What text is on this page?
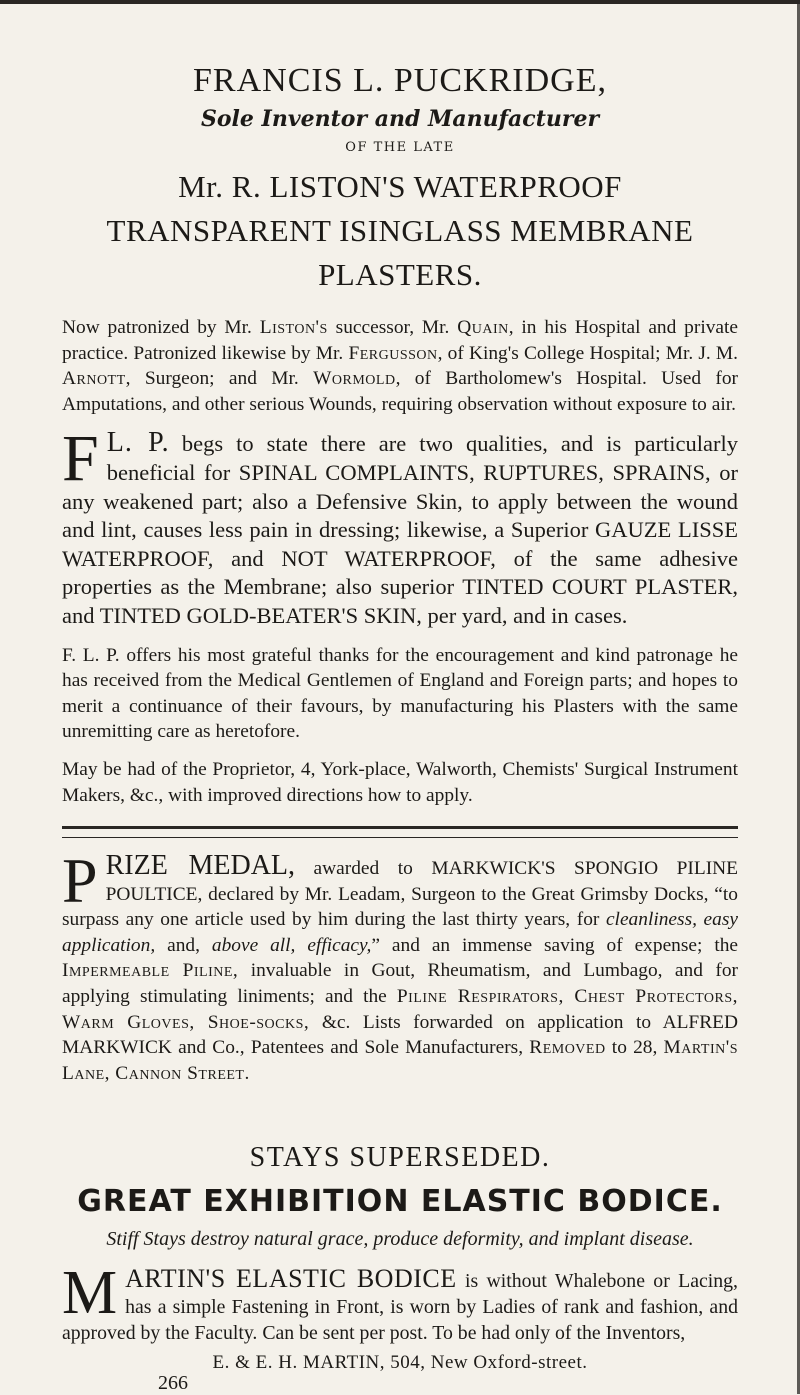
FRANCIS L. PUCKRIDGE,
Sole Inventor and Manufacturer
OF THE LATE
Mr. R. LISTON'S WATERPROOF TRANSPARENT ISINGLASS MEMBRANE PLASTERS.

Now patronized by Mr. Liston's successor, Mr. Quain, in his Hospital and private practice. Patronized likewise by Mr. Fergusson, of King's College Hospital; Mr. J. M. Arnott, Surgeon; and Mr. Wormold, of Bartholomew's Hospital. Used for Amputations, and other serious Wounds, requiring observation without exposure to air.

F L. P. begs to state there are two qualities, and is particularly beneficial for SPINAL COMPLAINTS, RUPTURES, SPRAINS, or any weakened part; also a Defensive Skin, to apply between the wound and lint, causes less pain in dressing; likewise, a Superior GAUZE LISSE WATERPROOF, and NOT WATERPROOF, of the same adhesive properties as the Membrane; also superior TINTED COURT PLASTER, and TINTED GOLD-BEATER'S SKIN, per yard, and in cases.

F. L. P. offers his most grateful thanks for the encouragement and kind patronage he has received from the Medical Gentlemen of England and Foreign parts; and hopes to merit a continuance of their favours, by manufacturing his Plasters with the same unremitting care as heretofore.

May be had of the Proprietor, 4, York-place, Walworth, Chemists' Surgical Instrument Makers, &c., with improved directions how to apply.

PRIZE MEDAL, awarded to MARKWICK'S SPONGIO PILINE POULTICE, declared by Mr. Leadam, Surgeon to the Great Grimsby Docks, “to surpass any one article used by him during the last thirty years, for cleanliness, easy application, and, above all, efficacy,” and an immense saving of expense; the Impermeable Piline, invaluable in Gout, Rheumatism, and Lumbago, and for applying stimulating liniments; and the Piline Respirators, Chest Protectors, Warm Gloves, Shoe-socks, &c. Lists forwarded on application to ALFRED MARKWICK and Co., Patentees and Sole Manufacturers, Removed to 28, Martin's Lane, Cannon Street.

STAYS SUPERSEDED.
GREAT EXHIBITION ELASTIC BODICE.
Stiff Stays destroy natural grace, produce deformity, and implant disease.

MARTIN'S ELASTIC BODICE is without Whalebone or Lacing, has a simple Fastening in Front, is worn by Ladies of rank and fashion, and approved by the Faculty. Can be sent per post. To be had only of the Inventors,

E. & E. H. MARTIN, 504, New Oxford-street.
266
